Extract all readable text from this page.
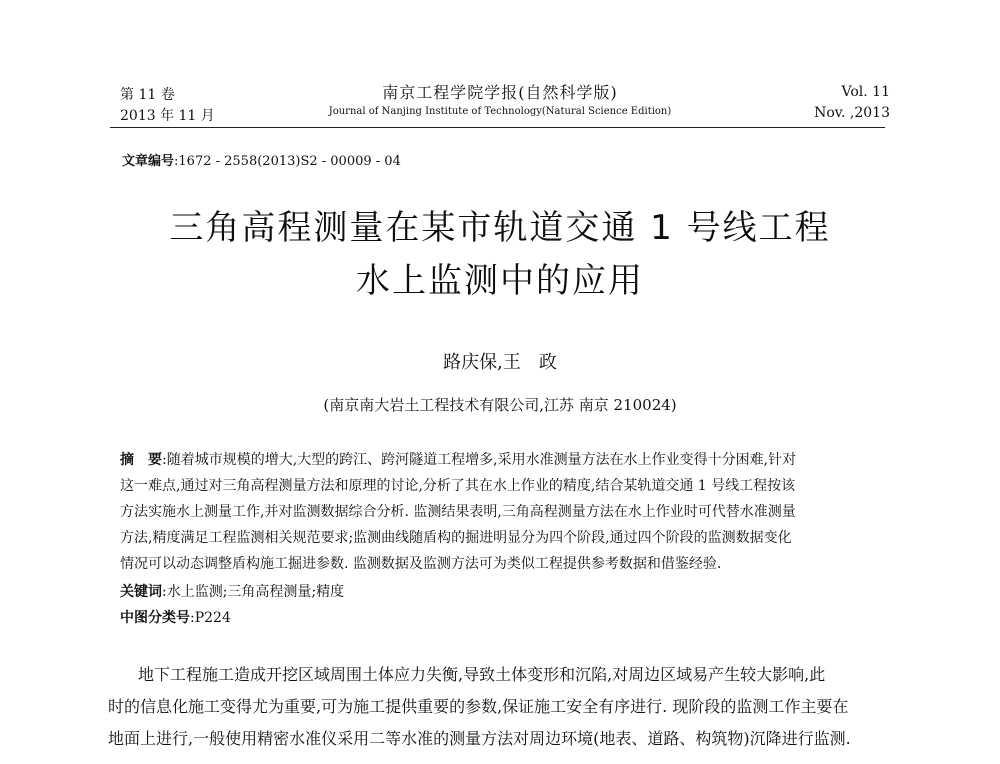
第 11 卷
2013 年 11 月
南京工程学院学报(自然科学版)
Journal of Nanjing Institute of Technology(Natural Science Edition)
Vol. 11
Nov. ,2013
文章编号:1672 - 2558(2013)S2 - 00009 - 04
三角高程测量在某市轨道交通 1 号线工程
水上监测中的应用
路庆保,王　政
(南京南大岩土工程技术有限公司,江苏 南京 210024)
摘　要:随着城市规模的增大,大型的跨江、跨河隧道工程增多,采用水准测量方法在水上作业变得十分困难,针对
这一难点,通过对三角高程测量方法和原理的讨论,分析了其在水上作业的精度,结合某轨道交通 1 号线工程按该
方法实施水上测量工作,并对监测数据综合分析. 监测结果表明,三角高程测量方法在水上作业时可代替水准测量
方法,精度满足工程监测相关规范要求;监测曲线随盾构的掘进明显分为四个阶段,通过四个阶段的监测数据变化
情况可以动态调整盾构施工掘进参数. 监测数据及监测方法可为类似工程提供参考数据和借鉴经验.
关键词:水上监测;三角高程测量;精度
中图分类号:P224
地下工程施工造成开挖区域周围土体应力失衡,导致土体变形和沉陷,对周边区域易产生较大影响,此
时的信息化施工变得尤为重要,可为施工提供重要的参数,保证施工安全有序进行. 现阶段的监测工作主要在
地面上进行,一般使用精密水准仪采用二等水准的测量方法对周边环境(地表、道路、构筑物)沉降进行监测.
